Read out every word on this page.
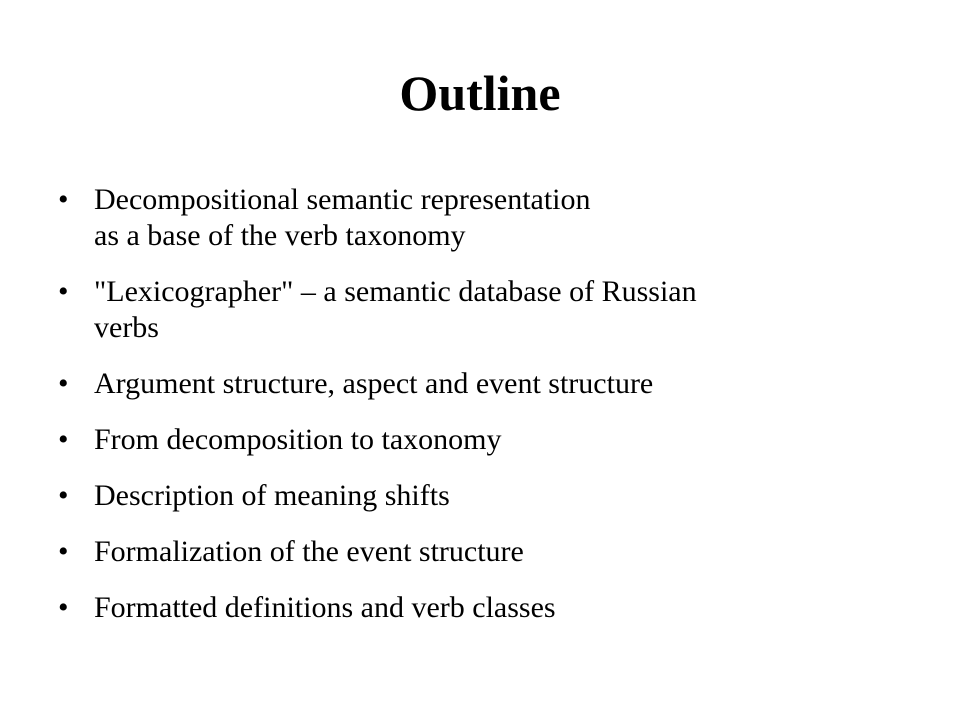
Outline
• Decompositional semantic representation
as a base of the verb taxonomy
• "Lexicographer" – a semantic database of Russian
verbs
• Argument structure, aspect and event structure
• From decomposition to taxonomy
• Description of meaning shifts
• Formalization of the event structure
• Formatted definitions and verb classes
